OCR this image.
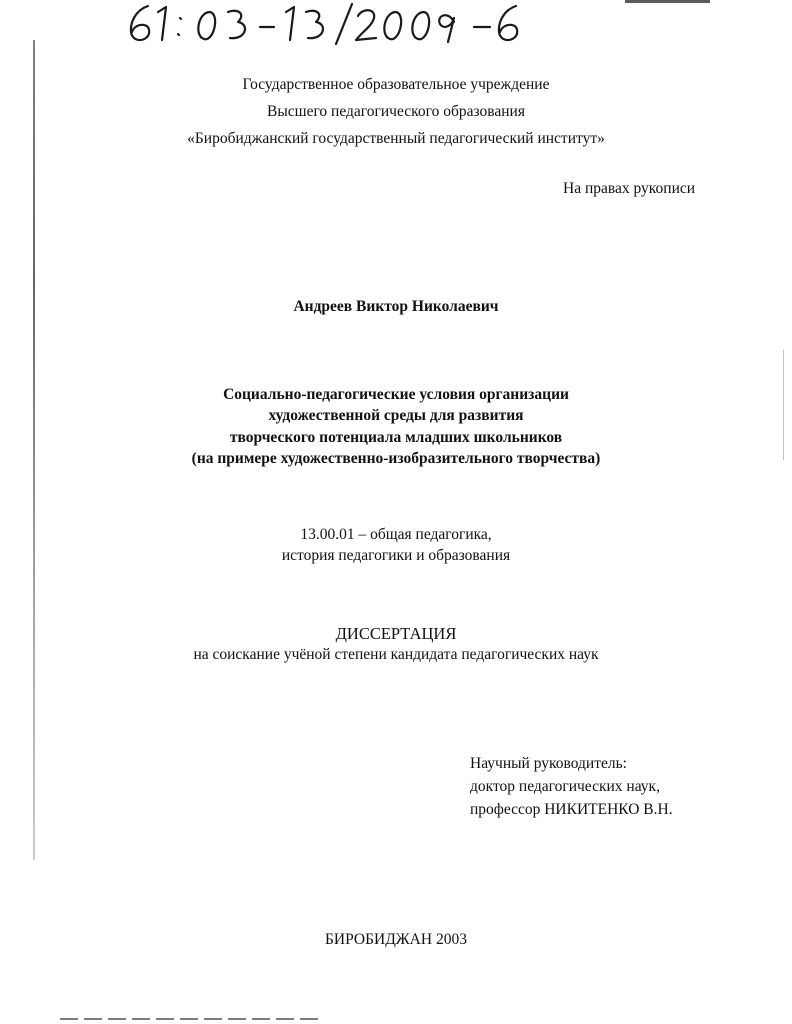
Государственное образовательное учреждение
Высшего педагогического образования
«Биробиджанский государственный педагогический институт»
На правах рукописи
Андреев Виктор Николаевич
Социально-педагогические условия организации
художественной среды для развития
творческого потенциала младших школьников
(на примере художественно-изобразительного творчества)
13.00.01 – общая педагогика,
история педагогики и образования
ДИССЕРТАЦИЯ
на соискание учёной степени кандидата педагогических наук
Научный руководитель:
доктор педагогических наук,
профессор НИКИТЕНКО В.Н.
БИРОБИДЖАН 2003
